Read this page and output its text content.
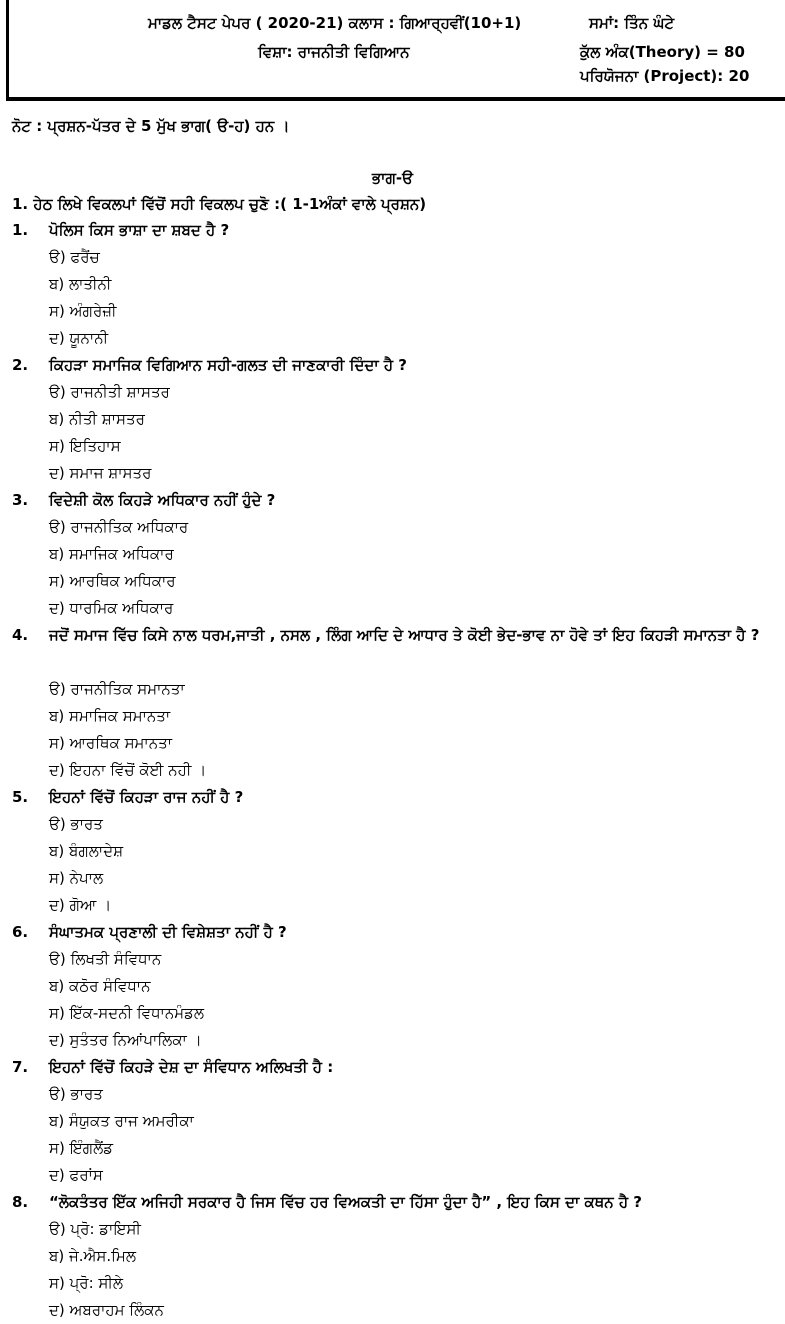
ਮਾਡਲ ਟੈਸਟ ਪੇਪਰ ( 2020-21) ਕਲਾਸ : ਗਿਆਰ੍ਹਵੀਂ(10+1)	ਸਮਾਂ: ਤਿੰਨ ਘੰਟੇ
ਵਿਸ਼ਾ: ਰਾਜਨੀਤੀ ਵਿਗਿਆਨ	ਕੁੱਲ ਅੰਕ(Theory) = 80
ਪਰਿਯੋਜਨਾ (Project): 20
ਨੋਟ : ਪ੍ਰਸ਼ਨ-ਪੱਤਰ ਦੇ 5 ਮੁੱਖ ਭਾਗ( ੳ-ਹ) ਹਨ ।
ਭਾਗ-ੳ
1. ਹੇਠ ਲਿਖੇ ਵਿਕਲਪਾਂ ਵਿੱਚੋਂ ਸਹੀ ਵਿਕਲਪ ਚੁਣੋ :( 1-1ਅੰਕਾਂ ਵਾਲੇ ਪ੍ਰਸ਼ਨ)
1. ਪੋਲਿਸ ਕਿਸ ਭਾਸ਼ਾ ਦਾ ਸ਼ਬਦ ਹੈ ?
ੳ) ਫਰੈਂਚ
ਬ) ਲਾਤੀਨੀ
ਸ) ਅੰਗਰੇਜ਼ੀ
ਦ) ਯੂਨਾਨੀ
2. ਕਿਹੜਾ ਸਮਾਜਿਕ ਵਿਗਿਆਨ ਸਹੀ-ਗਲਤ ਦੀ ਜਾਣਕਾਰੀ ਦਿੰਦਾ ਹੈ ?
ੳ) ਰਾਜਨੀਤੀ ਸ਼ਾਸਤਰ
ਬ) ਨੀਤੀ ਸ਼ਾਸਤਰ
ਸ) ਇਤਿਹਾਸ
ਦ) ਸਮਾਜ ਸ਼ਾਸਤਰ
3. ਵਿਦੇਸ਼ੀ ਕੋਲ ਕਿਹੜੇ ਅਧਿਕਾਰ ਨਹੀਂ ਹੁੰਦੇ ?
ੳ) ਰਾਜਨੀਤਿਕ ਅਧਿਕਾਰ
ਬ) ਸਮਾਜਿਕ ਅਧਿਕਾਰ
ਸ) ਆਰਥਿਕ ਅਧਿਕਾਰ
ਦ) ਧਾਰਮਿਕ ਅਧਿਕਾਰ
4. ਜਦੋਂ ਸਮਾਜ ਵਿੱਚ ਕਿਸੇ ਨਾਲ ਧਰਮ,ਜਾਤੀ , ਨਸਲ , ਲਿੰਗ ਆਦਿ ਦੇ ਆਧਾਰ ਤੇ ਕੋਈ ਭੇਦ-ਭਾਵ ਨਾ ਹੋਵੇ ਤਾਂ ਇਹ ਕਿਹੜੀ ਸਮਾਨਤਾ ਹੈ ?
ੳ) ਰਾਜਨੀਤਿਕ ਸਮਾਨਤਾ
ਬ) ਸਮਾਜਿਕ ਸਮਾਨਤਾ
ਸ) ਆਰਥਿਕ ਸਮਾਨਤਾ
ਦ) ਇਹਨਾ ਵਿੱਚੋਂ ਕੋਈ ਨਹੀ ।
5. ਇਹਨਾਂ ਵਿੱਚੋਂ ਕਿਹੜਾ ਰਾਜ ਨਹੀਂ ਹੈ ?
ੳ) ਭਾਰਤ
ਬ) ਬੰਗਲਾਦੇਸ਼
ਸ) ਨੇਪਾਲ
ਦ) ਗੋਆ ।
6. ਸੰਘਾਤਮਕ ਪ੍ਰਣਾਲੀ ਦੀ ਵਿਸ਼ੇਸ਼ਤਾ ਨਹੀਂ ਹੈ ?
ੳ) ਲਿਖਤੀ ਸੰਵਿਧਾਨ
ਬ) ਕਠੋਰ ਸੰਵਿਧਾਨ
ਸ) ਇੱਕ-ਸਦਨੀ ਵਿਧਾਨਮੰਡਲ
ਦ) ਸੁਤੰਤਰ ਨਿਆਂਪਾਲਿਕਾ ।
7. ਇਹਨਾਂ ਵਿੱਚੋਂ ਕਿਹੜੇ ਦੇਸ਼ ਦਾ ਸੰਵਿਧਾਨ ਅਲਿਖਤੀ ਹੈ :
ੳ) ਭਾਰਤ
ਬ) ਸੰਯੁਕਤ ਰਾਜ ਅਮਰੀਕਾ
ਸ) ਇੰਗਲੈਂਡ
ਦ) ਫਰਾਂਸ
8. “ਲੋਕਤੰਤਰ ਇੱਕ ਅਜਿਹੀ ਸਰਕਾਰ ਹੈ ਜਿਸ ਵਿੱਚ ਹਰ ਵਿਅਕਤੀ ਦਾ ਹਿੱਸਾ ਹੁੰਦਾ ਹੈ” , ਇਹ ਕਿਸ ਦਾ ਕਥਨ ਹੈ ?
ੳ) ਪ੍ਰੋ: ਡਾਇਸੀ
ਬ) ਜੇ.ਐਸ.ਮਿਲ
ਸ) ਪ੍ਰੋ: ਸੀਲੇ
ਦ) ਅਬਰਾਹਮ ਲਿੰਕਨ
